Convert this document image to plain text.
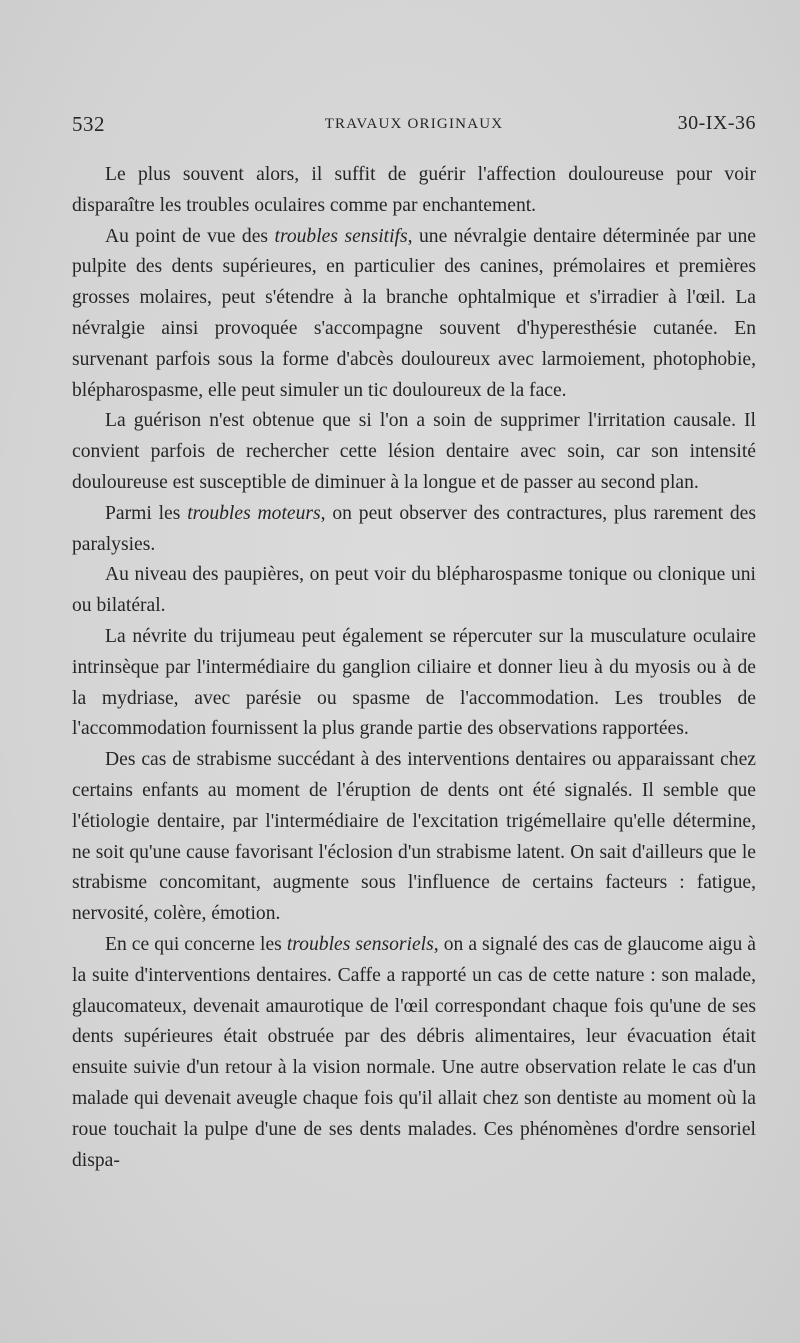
532	TRAVAUX ORIGINAUX	30-IX-36

Le plus souvent alors, il suffit de guérir l'affection douloureuse pour voir disparaître les troubles oculaires comme par enchantement.

Au point de vue des troubles sensitifs, une névralgie dentaire déterminée par une pulpite des dents supérieures, en particulier des canines, prémolaires et premières grosses molaires, peut s'étendre à la branche ophtalmique et s'irradier à l'œil. La névralgie ainsi provoquée s'accompagne souvent d'hyperesthésie cutanée. En survenant parfois sous la forme d'abcès douloureux avec larmoiement, photophobie, blépharospasme, elle peut simuler un tic douloureux de la face.

La guérison n'est obtenue que si l'on a soin de supprimer l'irritation causale. Il convient parfois de rechercher cette lésion dentaire avec soin, car son intensité douloureuse est susceptible de diminuer à la longue et de passer au second plan.

Parmi les troubles moteurs, on peut observer des contractures, plus rarement des paralysies.

Au niveau des paupières, on peut voir du blépharospasme tonique ou clonique uni ou bilatéral.

La névrite du trijumeau peut également se répercuter sur la musculature oculaire intrinsèque par l'intermédiaire du ganglion ciliaire et donner lieu à du myosis ou à de la mydriase, avec parésie ou spasme de l'accommodation. Les troubles de l'accommodation fournissent la plus grande partie des observations rapportées.

Des cas de strabisme succédant à des interventions dentaires ou apparaissant chez certains enfants au moment de l'éruption de dents ont été signalés. Il semble que l'étiologie dentaire, par l'intermédiaire de l'excitation trigémellaire qu'elle détermine, ne soit qu'une cause favorisant l'éclosion d'un strabisme latent. On sait d'ailleurs que le strabisme concomitant, augmente sous l'influence de certains facteurs : fatigue, nervosité, colère, émotion.

En ce qui concerne les troubles sensoriels, on a signalé des cas de glaucome aigu à la suite d'interventions dentaires. Caffe a rapporté un cas de cette nature : son malade, glaucomateux, devenait amaurotique de l'œil correspondant chaque fois qu'une de ses dents supérieures était obstruée par des débris alimentaires, leur évacuation était ensuite suivie d'un retour à la vision normale. Une autre observation relate le cas d'un malade qui devenait aveugle chaque fois qu'il allait chez son dentiste au moment où la roue touchait la pulpe d'une de ses dents malades. Ces phénomènes d'ordre sensoriel dispa-
